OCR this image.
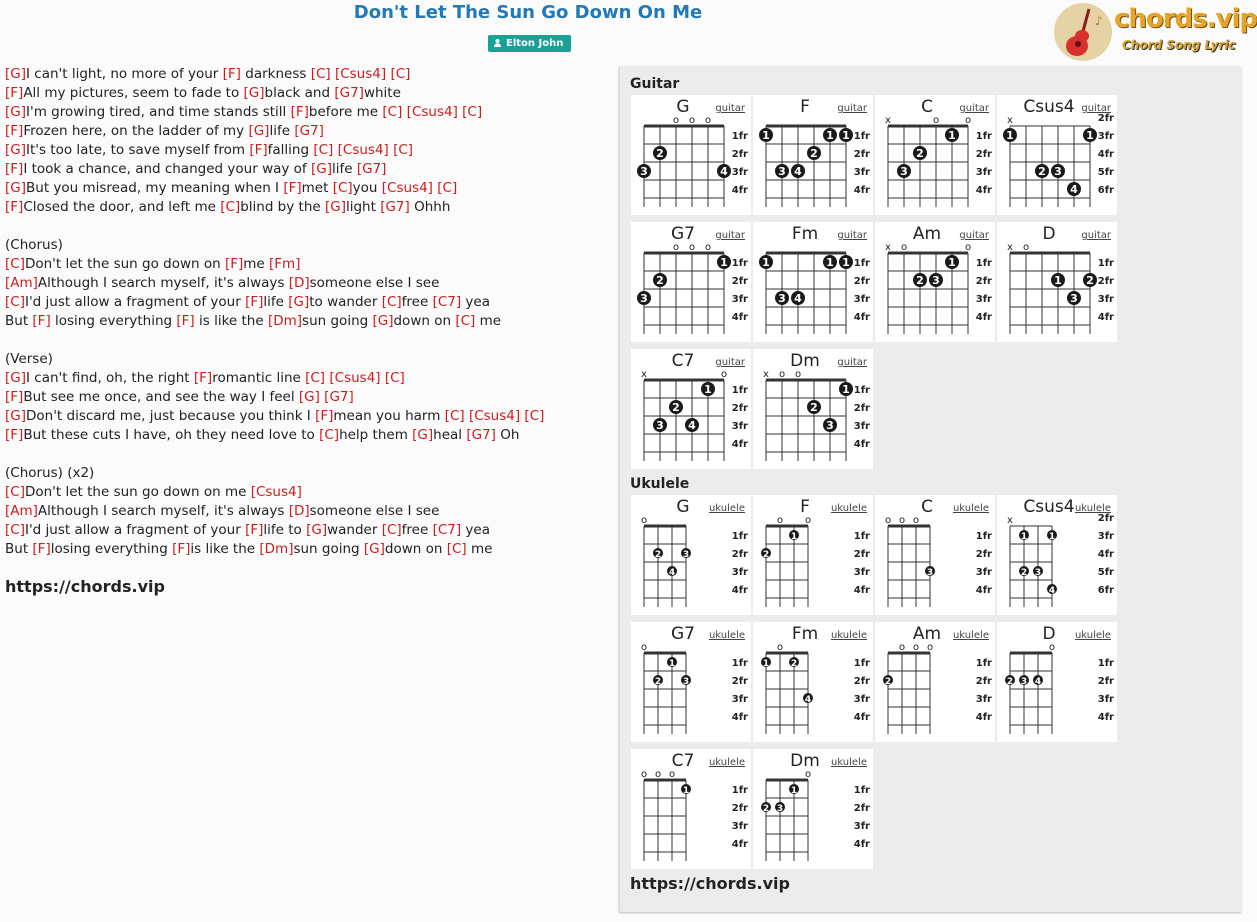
Don't Let The Sun Go Down On Me
Elton John
♪ chords.vip
Chord Song Lyric
[G]I can't light, no more of your [F] darkness [C] [Csus4] [C]
[F]All my pictures, seem to fade to [G]black and [G7]white
[G]I'm growing tired, and time stands still [F]before me [C] [Csus4] [C]
[F]Frozen here, on the ladder of my [G]life [G7]
[G]It's too late, to save myself from [F]falling [C] [Csus4] [C]
[F]I took a chance, and changed your way of [G]life [G7]
[G]But you misread, my meaning when I [F]met [C]you [Csus4] [C]
[F]Closed the door, and left me [C]blind by the [G]light [G7] Ohhh
(Chorus)
[C]Don't let the sun go down on [F]me [Fm]
[Am]Although I search myself, it's always [D]someone else I see
[C]I'd just allow a fragment of your [F]life [G]to wander [C]free [C7] yea
But [F] losing everything [F] is like the [Dm]sun going [G]down on [C] me
(Verse)
[G]I can't find, oh, the right [F]romantic line [C] [Csus4] [C]
[F]But see me once, and see the way I feel [G] [G7]
[G]Don't discard me, just because you think I [F]mean you harm [C] [Csus4] [C]
[F]But these cuts I have, oh they need love to [C]help them [G]heal [G7] Oh
(Chorus) (x2)
[C]Don't let the sun go down on me [Csus4]
[Am]Although I search myself, it's always [D]someone else I see
[C]I'd just allow a fragment of your [F]life to [G]wander [C]free [C7] yea
But [F]losing everything [F]is like the [Dm]sun going [G]down on [C] me
https://chords.vip
Guitar
Ukulele
G	guitar
1fr
2fr
3fr
4fr
o o o
3
2
4
F	guitar
1fr
2fr
3fr
4fr
1	1 1
3 4
2
C	guitar
1fr
2fr
3fr
4fr
x	o	o
3
2
1
Csus4 guitar
2fr
3fr
4fr
5fr
6fr
x
1	1
2 3
4
G7 guitar
1fr
2fr
3fr
4fr
o o o
3
2
1
Fm guitar
1fr
2fr
3fr
4fr
1	1 1
3 4
Am guitar
1fr
2fr
3fr
4fr
x o	o
2 3
1
D	guitar
1fr
2fr
3fr
4fr
x o
1
3
2
C7 guitar
1fr
2fr
3fr
4fr
x	o
3
2
4
1
Dm guitar
1fr
2fr
3fr
4fr
x o o
2
3
1
G ukulele
1fr
2fr
3fr
4fr
o
2
4
3
F ukulele
1fr
2fr
3fr
4fr
o o
2
1
C ukulele
1fr
2fr
3fr
4fr
o o o
3
Csus4 ukulele
2fr
3fr
4fr
5fr
6fr
x
1 1
2 3
4
G7 ukulele
1fr
2fr
3fr
4fr
o
2
1
3
Fm ukulele
1fr
2fr
3fr
4fr
o
1 2
4
Am ukulele
1fr
2fr
3fr
4fr
o o o
2
D ukulele
1fr
2fr
3fr
4fr
o
2 3 4
C7 ukulele
1fr
2fr
3fr
4fr
o o o
1
Dm ukulele
1fr
2fr
3fr
4fr
o
2 3
1
https://chords.vip
